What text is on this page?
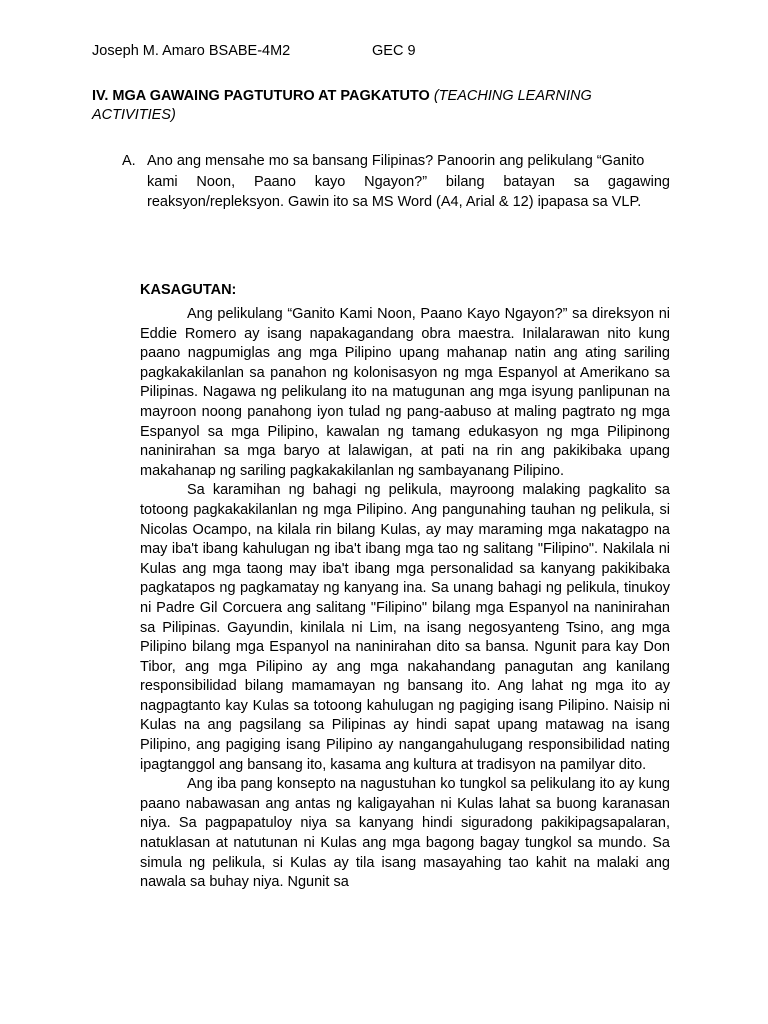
Joseph M. Amaro BSABE-4M2	GEC 9
IV. MGA GAWAING PAGTUTURO AT PAGKATUTO (TEACHING LEARNING ACTIVITIES)
A. Ano ang mensahe mo sa bansang Filipinas? Panoorin ang pelikulang “Ganito
kami Noon, Paano kayo Ngayon?” bilang batayan sa gagawing reaksyon/repleksyon. Gawin ito sa MS Word (A4, Arial & 12) ipapasa sa VLP.
KASAGUTAN:

Ang pelikulang “Ganito Kami Noon, Paano Kayo Ngayon?” sa direksyon ni Eddie Romero ay isang napakagandang obra maestra. Inilalarawan nito kung paano nagpumiglas ang mga Pilipino upang mahanap natin ang ating sariling pagkakakilanlan sa panahon ng kolonisasyon ng mga Espanyol at Amerikano sa Pilipinas. Nagawa ng pelikulang ito na matugunan ang mga isyung panlipunan na mayroon noong panahong iyon tulad ng pang-aabuso at maling pagtrato ng mga Espanyol sa mga Pilipino, kawalan ng tamang edukasyon ng mga Pilipinong naninirahan sa mga baryo at lalawigan, at pati na rin ang pakikibaka upang makahanap ng sariling pagkakakilanlan ng sambayanang Pilipino.

Sa karamihan ng bahagi ng pelikula, mayroong malaking pagkalito sa totoong pagkakakilanlan ng mga Pilipino. Ang pangunahing tauhan ng pelikula, si Nicolas Ocampo, na kilala rin bilang Kulas, ay may maraming mga nakatagpo na may iba't ibang kahulugan ng iba't ibang mga tao ng salitang "Filipino". Nakilala ni Kulas ang mga taong may iba't ibang mga personalidad sa kanyang pakikibaka pagkatapos ng pagkamatay ng kanyang ina. Sa unang bahagi ng pelikula, tinukoy ni Padre Gil Corcuera ang salitang "Filipino" bilang mga Espanyol na naninirahan sa Pilipinas. Gayundin, kinilala ni Lim, na isang negosyanteng Tsino, ang mga Pilipino bilang mga Espanyol na naninirahan dito sa bansa. Ngunit para kay Don Tibor, ang mga Pilipino ay ang mga nakahandang panagutan ang kanilang responsibilidad bilang mamamayan ng bansang ito. Ang lahat ng mga ito ay nagpagtanto kay Kulas sa totoong kahulugan ng pagiging isang Pilipino. Naisip ni Kulas na ang pagsilang sa Pilipinas ay hindi sapat upang matawag na isang Pilipino, ang pagiging isang Pilipino ay nangangahulugang responsibilidad nating ipagtanggol ang bansang ito, kasama ang kultura at tradisyon na pamilyar dito.

Ang iba pang konsepto na nagustuhan ko tungkol sa pelikulang ito ay kung paano nabawasan ang antas ng kaligayahan ni Kulas lahat sa buong karanasan niya. Sa pagpapatuloy niya sa kanyang hindi siguradong pakikipagsapalaran, natuklasan at natutunan ni Kulas ang mga bagong bagay tungkol sa mundo. Sa simula ng pelikula, si Kulas ay tila isang masayahing tao kahit na malaki ang nawala sa buhay niya. Ngunit sa
